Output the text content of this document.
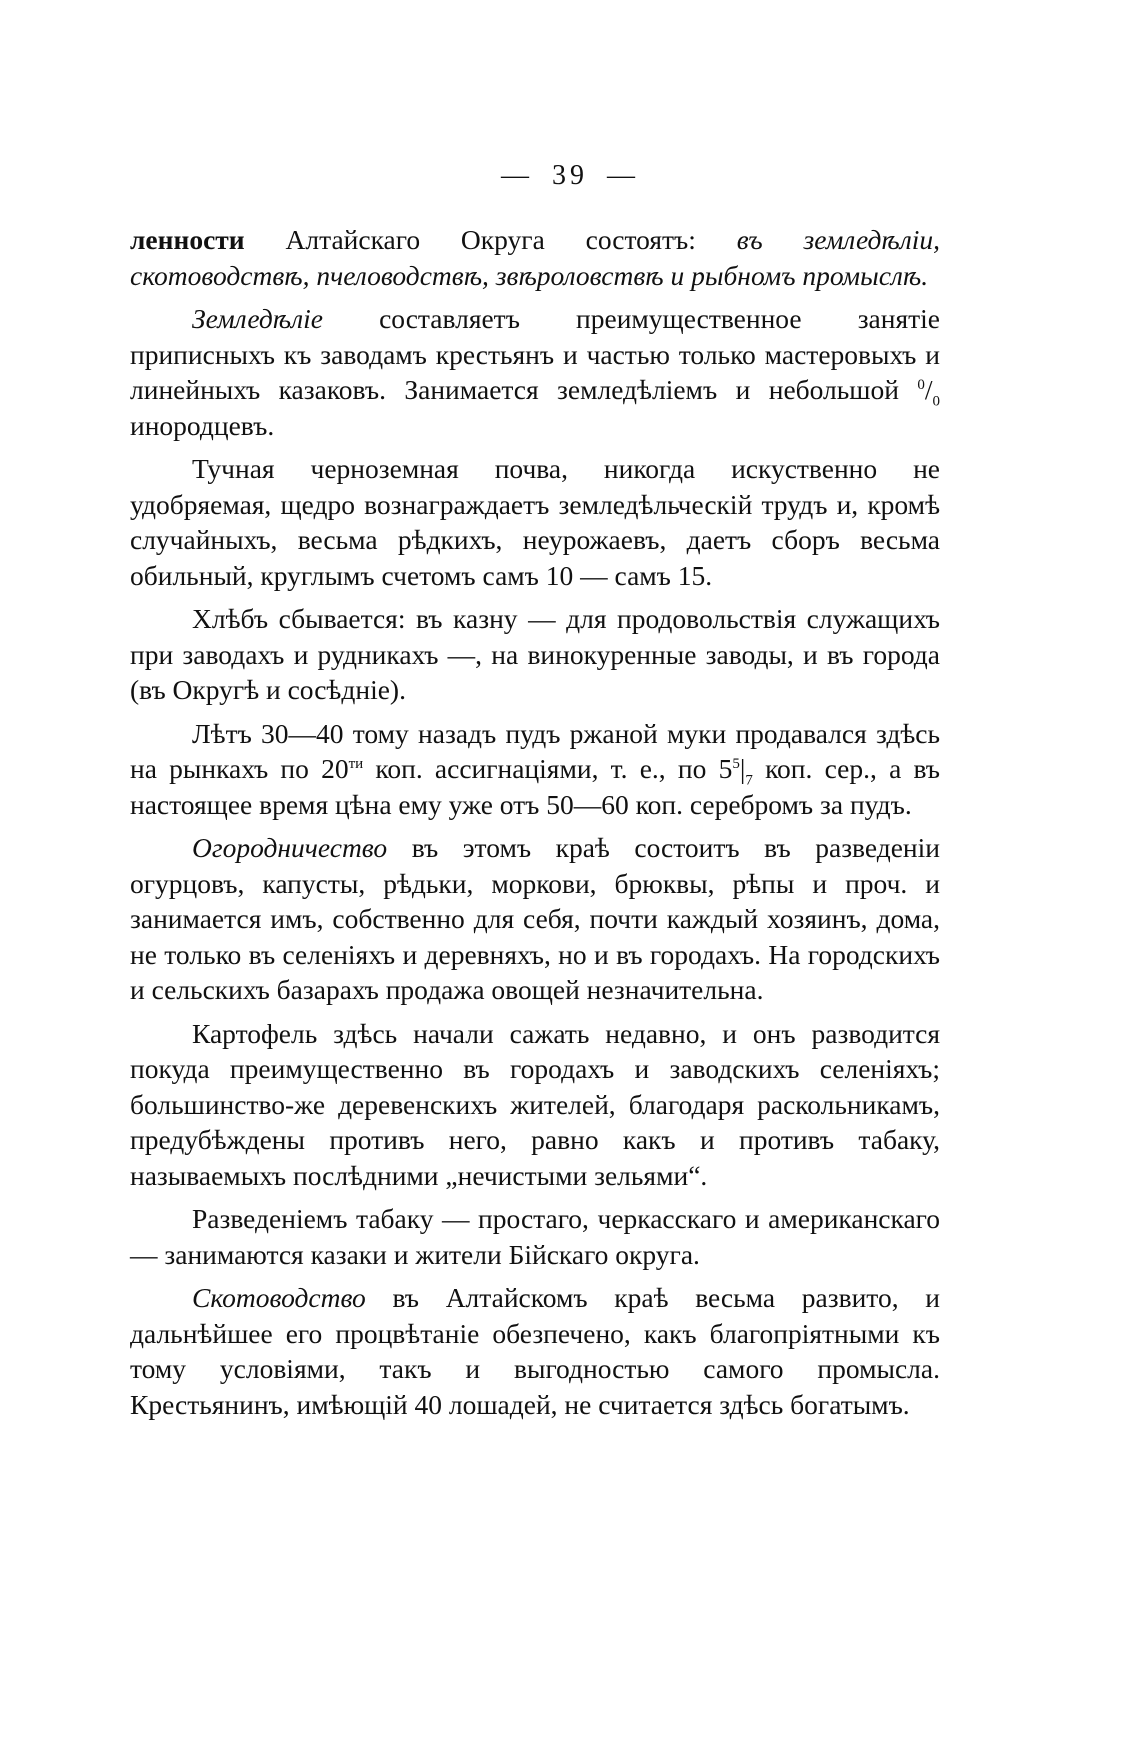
— 39 —

ленности Алтайскаго Округа состоятъ: въ земледѣліи, скотоводствѣ, пчеловодствѣ, звѣроловствѣ и рыбномъ промыслѣ.

Земледѣліе составляетъ преимущественное занятіе приписныхъ къ заводамъ крестьянъ и частью только мастеровыхъ и линейныхъ казаковъ. Занимается земледѣліемъ и небольшой $^0/_0$ инородцевъ.

Тучная черноземная почва, никогда искуственно не удобряемая, щедро вознаграждаетъ земледѣльческій трудъ и, кромѣ случайныхъ, весьма рѣдкихъ, неурожаевъ, даетъ сборъ весьма обильный, круглымъ счетомъ самъ 10 — самъ 15.

Хлѣбъ сбывается: въ казну — для продовольствія служащихъ при заводахъ и рудникахъ —, на винокуренные заводы, и въ города (въ Округѣ и сосѣдніе).

Лѣтъ 30—40 тому назадъ пудъ ржаной муки продавался здѣсь на рынкахъ по $20^{ти}$ коп. ассигнаціями, т. е., по $5^5|_7$ коп. сер., а въ настоящее время цѣна ему уже отъ 50—60 коп. серебромъ за пудъ.

Огородничество въ этомъ краѣ состоитъ въ разведеніи огурцовъ, капусты, рѣдьки, моркови, брюквы, рѣпы и проч. и занимается имъ, собственно для себя, почти каждый хозяинъ, дома, не только въ селеніяхъ и деревняхъ, но и въ городахъ. На городскихъ и сельскихъ базарахъ продажа овощей незначительна.

Картофель здѣсь начали сажать недавно, и онъ разводится покуда преимущественно въ городахъ и заводскихъ селеніяхъ; большинство-же деревенскихъ жителей, благодаря раскольникамъ, предубѣждены противъ него, равно какъ и противъ табаку, называемыхъ послѣдними „нечистыми зельями“.

Разведеніемъ табаку — простаго, черкасскаго и американскаго — занимаются казаки и жители Бійскаго округа.

Скотоводство въ Алтайскомъ краѣ весьма развито, и дальнѣйшее его процвѣтаніе обезпечено, какъ благопріятными къ тому условіями, такъ и выгодностью самого промысла. Крестьянинъ, имѣющій 40 лошадей, не считается здѣсь богатымъ.
